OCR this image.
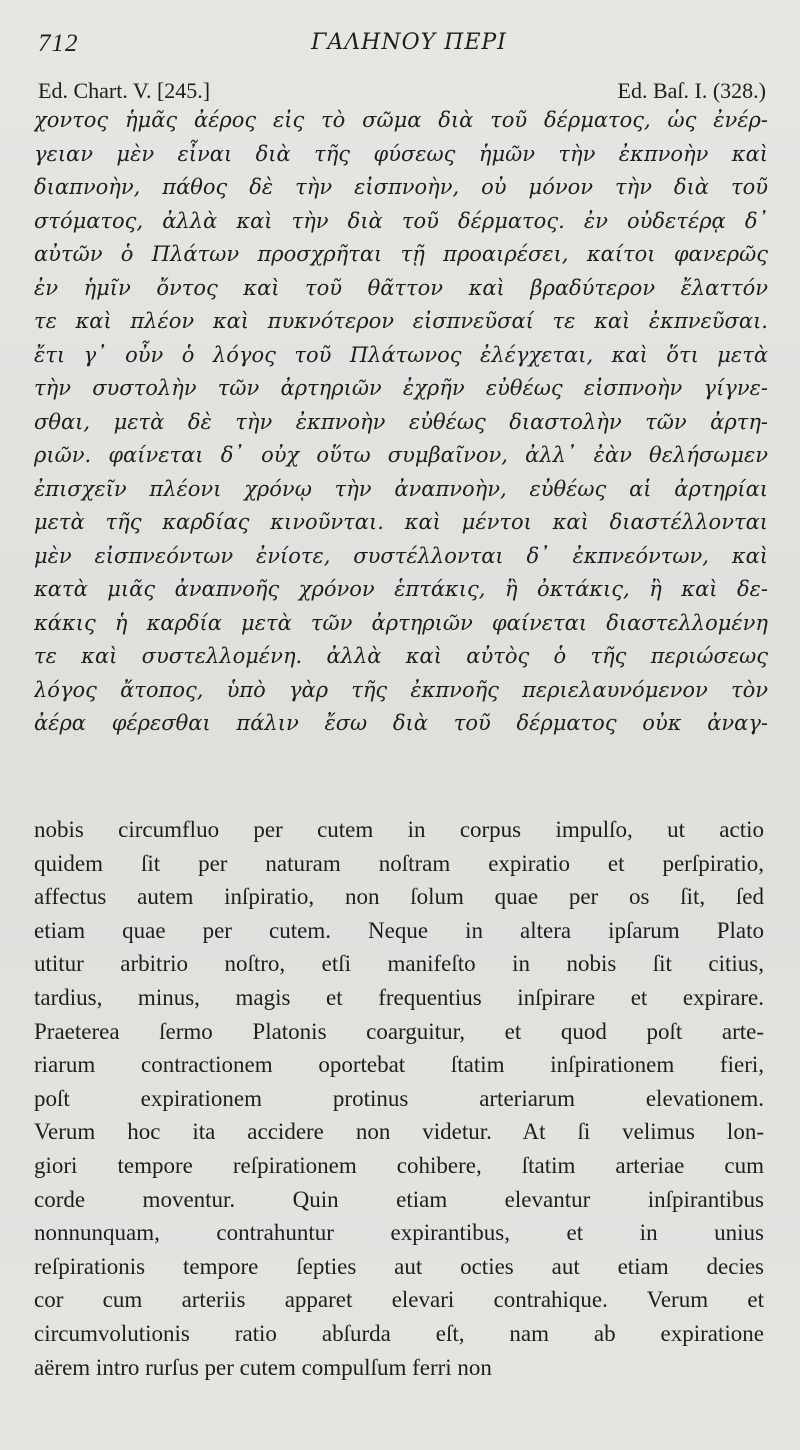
712	ΓΑΛΗΝΟΥ ΠΕΡΙ
Ed. Chart. V. [245.]	Ed. Baſ. I. (328.)
χοντος ἡμᾶς ἀέρος εἰς τὸ σῶμα διὰ τοῦ δέρματος, ὡς ἐνέρ-
γειαν μὲν εἶναι διὰ τῆς φύσεως ἡμῶν τὴν ἐκπνοὴν καὶ
διαπνοὴν, πάθος δὲ τὴν εἰσπνοὴν, οὐ μόνον τὴν διὰ τοῦ
στόματος, ἀλλὰ καὶ τὴν διὰ τοῦ δέρματος. ἐν οὐδετέρᾳ δ᾽
αὐτῶν ὁ Πλάτων προσχρῆται τῇ προαιρέσει, καίτοι φανερῶς
ἐν ἡμῖν ὄντος καὶ τοῦ θᾶττον καὶ βραδύτερον ἔλαττόν
τε καὶ πλέον καὶ πυκνότερον εἰσπνεῦσαί τε καὶ ἐκπνεῦσαι.
ἔτι γ᾽ οὖν ὁ λόγος τοῦ Πλάτωνος ἐλέγχεται, καὶ ὅτι μετὰ
τὴν συστολὴν τῶν ἀρτηριῶν ἐχρῆν εὐθέως εἰσπνοὴν γίγνε-
σθαι, μετὰ δὲ τὴν ἐκπνοὴν εὐθέως διαστολὴν τῶν ἀρτη-
ριῶν. φαίνεται δ᾽ οὐχ οὕτω συμβαῖνον, ἀλλ᾽ ἐὰν θελήσωμεν
ἐπισχεῖν πλέονι χρόνῳ τὴν ἀναπνοὴν, εὐθέως αἱ ἀρτηρίαι
μετὰ τῆς καρδίας κινοῦνται. καὶ μέντοι καὶ διαστέλλονται
μὲν εἰσπνεόντων ἐνίοτε, συστέλλονται δ᾽ ἐκπνεόντων, καὶ
κατὰ μιᾶς ἀναπνοῆς χρόνον ἑπτάκις, ἢ ὀκτάκις, ἢ καὶ δε-
κάκις ἡ καρδία μετὰ τῶν ἀρτηριῶν φαίνεται διαστελλομένη
τε καὶ συστελλομένη. ἀλλὰ καὶ αὐτὸς ὁ τῆς περιώσεως
λόγος ἄτοπος, ὑπὸ γὰρ τῆς ἐκπνοῆς περιελαυνόμενον τὸν
ἀέρα φέρεσθαι πάλιν ἔσω διὰ τοῦ δέρματος οὐκ ἀναγ-
nobis circumfluo per cutem in corpus impulſo, ut actio
quidem ſit per naturam noſtram expiratio et perſpiratio,
affectus autem inſpiratio, non ſolum quae per os ſit, ſed
etiam quae per cutem. Neque in altera ipſarum Plato
utitur arbitrio noſtro, etſi manifeſto in nobis ſit citius,
tardius, minus, magis et frequentius inſpirare et expirare.
Praeterea ſermo Platonis coarguitur, et quod poſt arte-
riarum contractionem oportebat ſtatim inſpirationem fieri,
poſt expirationem protinus arteriarum elevationem.
Verum hoc ita accidere non videtur. At ſi velimus lon-
giori tempore reſpirationem cohibere, ſtatim arteriae cum
corde moventur. Quin etiam elevantur inſpirantibus
nonnunquam, contrahuntur expirantibus, et in unius
reſpirationis tempore ſepties aut octies aut etiam decies
cor cum arteriis apparet elevari contrahique. Verum et
circumvolutionis ratio abſurda eſt, nam ab expiratione
aërem intro rurſus per cutem compulſum ferri non
